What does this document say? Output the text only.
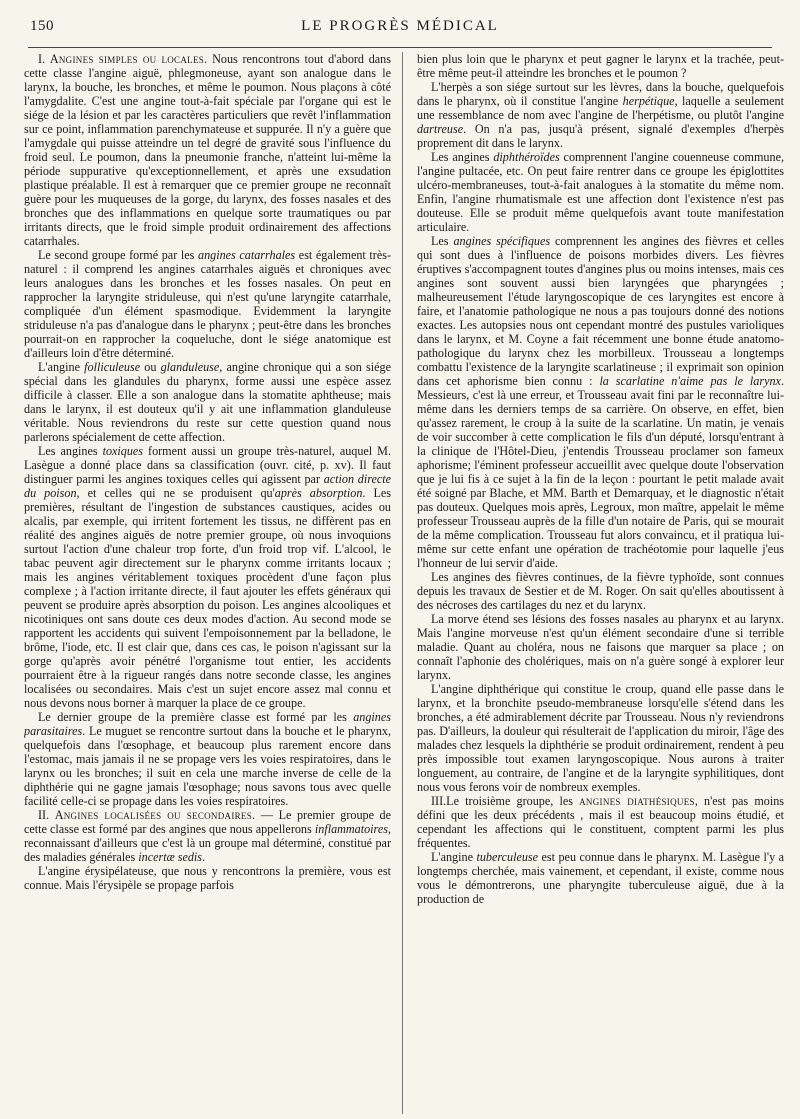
150	LE PROGRÈS MÉDICAL

I. Angines simples ou locales. Nous rencontrons tout d'abord dans cette classe l'angine aiguë, phlegmoneuse, ayant son analogue dans le larynx, la bouche, les bronches, et même le poumon. Nous plaçons à côté l'amygdalite. C'est une angine tout-à-fait spéciale par l'organe qui est le siége de la lésion et par les caractères particuliers que revêt l'inflammation sur ce point, inflammation parenchymateuse et suppurée. Il n'y a guère que l'amygdale qui puisse atteindre un tel degré de gravité sous l'influence du froid seul. Le poumon, dans la pneumonie franche, n'atteint lui-même la période suppurative qu'exceptionnellement, et après une exsudation plastique préalable. Il est à remarquer que ce premier groupe ne reconnaît guère pour les muqueuses de la gorge, du larynx, des fosses nasales et des bronches que des inflammations en quelque sorte traumatiques ou par irritants directs, que le froid simple produit ordinairement des affections catarrhales.

Le second groupe formé par les angines catarrhales est également très-naturel : il comprend les angines catarrhales aiguës et chroniques avec leurs analogues dans les bronches et les fosses nasales. On peut en rapprocher la laryngite striduleuse, qui n'est qu'une laryngite catarrhale, compliquée d'un élément spasmodique. Evidemment la laryngite striduleuse n'a pas d'analogue dans le pharynx ; peut-être dans les bronches pourrait-on en rapprocher la coqueluche, dont le siége anatomique est d'ailleurs loin d'être déterminé.

L'angine folliculeuse ou glanduleuse, angine chronique qui a son siége spécial dans les glandules du pharynx, forme aussi une espèce assez difficile à classer. Elle a son analogue dans la stomatite aphtheuse; mais dans le larynx, il est douteux qu'il y ait une inflammation glanduleuse véritable. Nous reviendrons du reste sur cette question quand nous parlerons spécialement de cette affection.

Les angines toxiques forment aussi un groupe très-naturel, auquel M. Lasègue a donné place dans sa classification (ouvr. cité, p. xv). Il faut distinguer parmi les angines toxiques celles qui agissent par action directe du poison, et celles qui ne se produisent qu'après absorption. Les premières, résultant de l'ingestion de substances caustiques, acides ou alcalis, par exemple, qui irritent fortement les tissus, ne diffèrent pas en réalité des angines aiguës de notre premier groupe, où nous invoquions surtout l'action d'une chaleur trop forte, d'un froid trop vif. L'alcool, le tabac peuvent agir directement sur le pharynx comme irritants locaux ; mais les angines véritablement toxiques procèdent d'une façon plus complexe ; à l'action irritante directe, il faut ajouter les effets généraux qui peuvent se produire après absorption du poison. Les angines alcooliques et nicotiniques ont sans doute ces deux modes d'action. Au second mode se rapportent les accidents qui suivent l'empoisonnement par la belladone, le brôme, l'iode, etc. Il est clair que, dans ces cas, le poison n'agissant sur la gorge qu'après avoir pénétré l'organisme tout entier, les accidents pourraient être à la rigueur rangés dans notre seconde classe, les angines localisées ou secondaires. Mais c'est un sujet encore assez mal connu et nous devons nous borner à marquer la place de ce groupe.

Le dernier groupe de la première classe est formé par les angines parasitaires. Le muguet se rencontre surtout dans la bouche et le pharynx, quelquefois dans l'œsophage, et beaucoup plus rarement encore dans l'estomac, mais jamais il ne se propage vers les voies respiratoires, dans le larynx ou les bronches; il suit en cela une marche inverse de celle de la diphthérie qui ne gagne jamais l'œsophage; nous savons tous avec quelle facilité celle-ci se propage dans les voies respiratoires.

II. Angines localisées ou secondaires. — Le premier groupe de cette classe est formé par des angines que nous appellerons inflammatoires, reconnaissant d'ailleurs que c'est là un groupe mal déterminé, constitué par des maladies générales incertæ sedis.

L'angine érysipélateuse, que nous y rencontrons la première, vous est connue. Mais l'érysipèle se propage parfois

bien plus loin que le pharynx et peut gagner le larynx et la trachée, peut-être même peut-il atteindre les bronches et le poumon ?

L'herpès a son siége surtout sur les lèvres, dans la bouche, quelquefois dans le pharynx, où il constitue l'angine herpétique, laquelle a seulement une ressemblance de nom avec l'angine de l'herpétisme, ou plutôt l'angine dartreuse. On n'a pas, jusqu'à présent, signalé d'exemples d'herpès proprement dit dans le larynx.

Les angines diphthéroïdes comprennent l'angine couenneuse commune, l'angine pultacée, etc. On peut faire rentrer dans ce groupe les épiglottites ulcéro-membraneuses, tout-à-fait analogues à la stomatite du même nom. Enfin, l'angine rhumatismale est une affection dont l'existence n'est pas douteuse. Elle se produit même quelquefois avant toute manifestation articulaire.

Les angines spécifiques comprennent les angines des fièvres et celles qui sont dues à l'influence de poisons morbides divers. Les fièvres éruptives s'accompagnent toutes d'angines plus ou moins intenses, mais ces angines sont souvent aussi bien laryngées que pharyngées ; malheureusement l'étude laryngoscopique de ces laryngites est encore à faire, et l'anatomie pathologique ne nous a pas toujours donné des notions exactes. Les autopsies nous ont cependant montré des pustules varioliques dans le larynx, et M. Coyne a fait récemment une bonne étude anatomo-pathologique du larynx chez les morbilleux. Trousseau a longtemps combattu l'existence de la laryngite scarlatineuse ; il exprimait son opinion dans cet aphorisme bien connu : la scarlatine n'aime pas le larynx. Messieurs, c'est là une erreur, et Trousseau avait fini par le reconnaître lui-même dans les derniers temps de sa carrière. On observe, en effet, bien qu'assez rarement, le croup à la suite de la scarlatine. Un matin, je venais de voir succomber à cette complication le fils d'un député, lorsqu'entrant à la clinique de l'Hôtel-Dieu, j'entendis Trousseau proclamer son fameux aphorisme; l'éminent professeur accueillit avec quelque doute l'observation que je lui fis à ce sujet à la fin de la leçon : pourtant le petit malade avait été soigné par Blache, et MM. Barth et Demarquay, et le diagnostic n'était pas douteux. Quelques mois après, Legroux, mon maître, appelait le même professeur Trousseau auprès de la fille d'un notaire de Paris, qui se mourait de la même complication. Trousseau fut alors convaincu, et il pratiqua lui-même sur cette enfant une opération de trachéotomie pour laquelle j'eus l'honneur de lui servir d'aide.

Les angines des fièvres continues, de la fièvre typhoïde, sont connues depuis les travaux de Sestier et de M. Roger. On sait qu'elles aboutissent à des nécroses des cartilages du nez et du larynx.

La morve étend ses lésions des fosses nasales au pharynx et au larynx. Mais l'angine morveuse n'est qu'un élément secondaire d'une si terrible maladie. Quant au choléra, nous ne faisons que marquer sa place ; on connaît l'aphonie des cholériques, mais on n'a guère songé à explorer leur larynx.

L'angine diphthérique qui constitue le croup, quand elle passe dans le larynx, et la bronchite pseudo-membraneuse lorsqu'elle s'étend dans les bronches, a été admirablement décrite par Trousseau. Nous n'y reviendrons pas. D'ailleurs, la douleur qui résulterait de l'application du miroir, l'âge des malades chez lesquels la diphthérie se produit ordinairement, rendent à peu près impossible tout examen laryngoscopique. Nous aurons à traiter longuement, au contraire, de l'angine et de la laryngite syphilitiques, dont nous vous ferons voir de nombreux exemples.

III.Le troisième groupe, les angines diathésiques, n'est pas moins défini que les deux précédents , mais il est beaucoup moins étudié, et cependant les affections qui le constituent, comptent parmi les plus fréquentes.

L'angine tuberculeuse est peu connue dans le pharynx. M. Lasègue l'y a longtemps cherchée, mais vainement, et cependant, il existe, comme nous vous le démontrerons, une pharyngite tuberculeuse aiguë, due à la production de
